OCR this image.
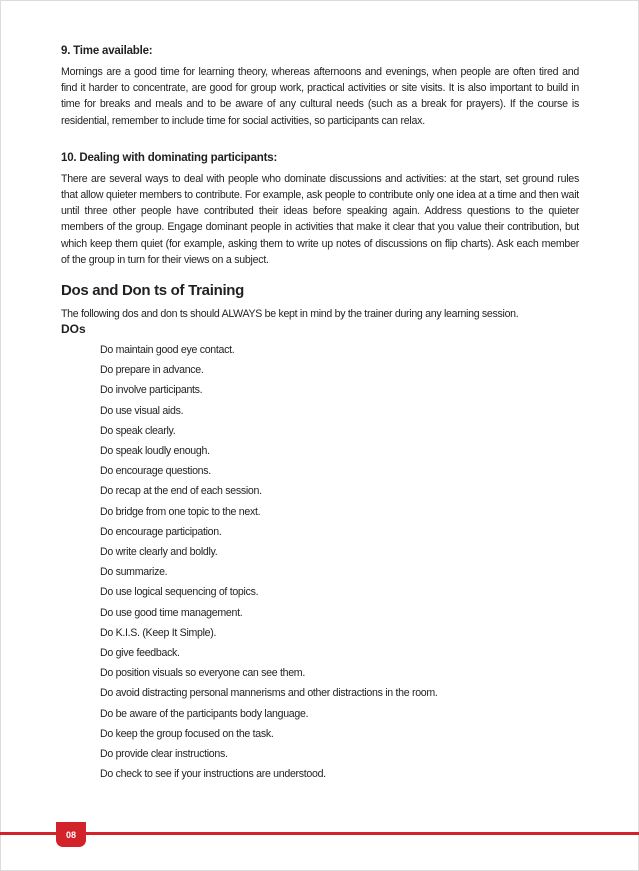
9. Time available:

Mornings are a good time for learning theory, whereas afternoons and evenings, when people are often tired and find it harder to concentrate, are good for group work, practical activities or site visits. It is also important to build in time for breaks and meals and to be aware of any cultural needs (such as a break for prayers). If the course is residential, remember to include time for social activities, so participants can relax.

10. Dealing with dominating participants:

There are several ways to deal with people who dominate discussions and activities: at the start, set ground rules that allow quieter members to contribute. For example, ask people to contribute only one idea at a time and then wait until three other people have contributed their ideas before speaking again. Address questions to the quieter members of the group. Engage dominant people in activities that make it clear that you value their contribution, but which keep them quiet (for example, asking them to write up notes of discussions on flip charts). Ask each member of the group in turn for their views on a subject.

Dos and Don ts of Training

The following dos and don ts should ALWAYS be kept in mind by the trainer during any learning session.

DOs
Do maintain good eye contact.
Do prepare in advance.
Do involve participants.
Do use visual aids.
Do speak clearly.
Do speak loudly enough.
Do encourage questions.
Do recap at the end of each session.
Do bridge from one topic to the next.
Do encourage participation.
Do write clearly and boldly.
Do summarize.
Do use logical sequencing of topics.
Do use good time management.
Do K.I.S. (Keep It Simple).
Do give feedback.
Do position visuals so everyone can see them.
Do avoid distracting personal mannerisms and other distractions in the room.
Do be aware of the participants body language.
Do keep the group focused on the task.
Do provide clear instructions.
Do check to see if your instructions are understood.
08
